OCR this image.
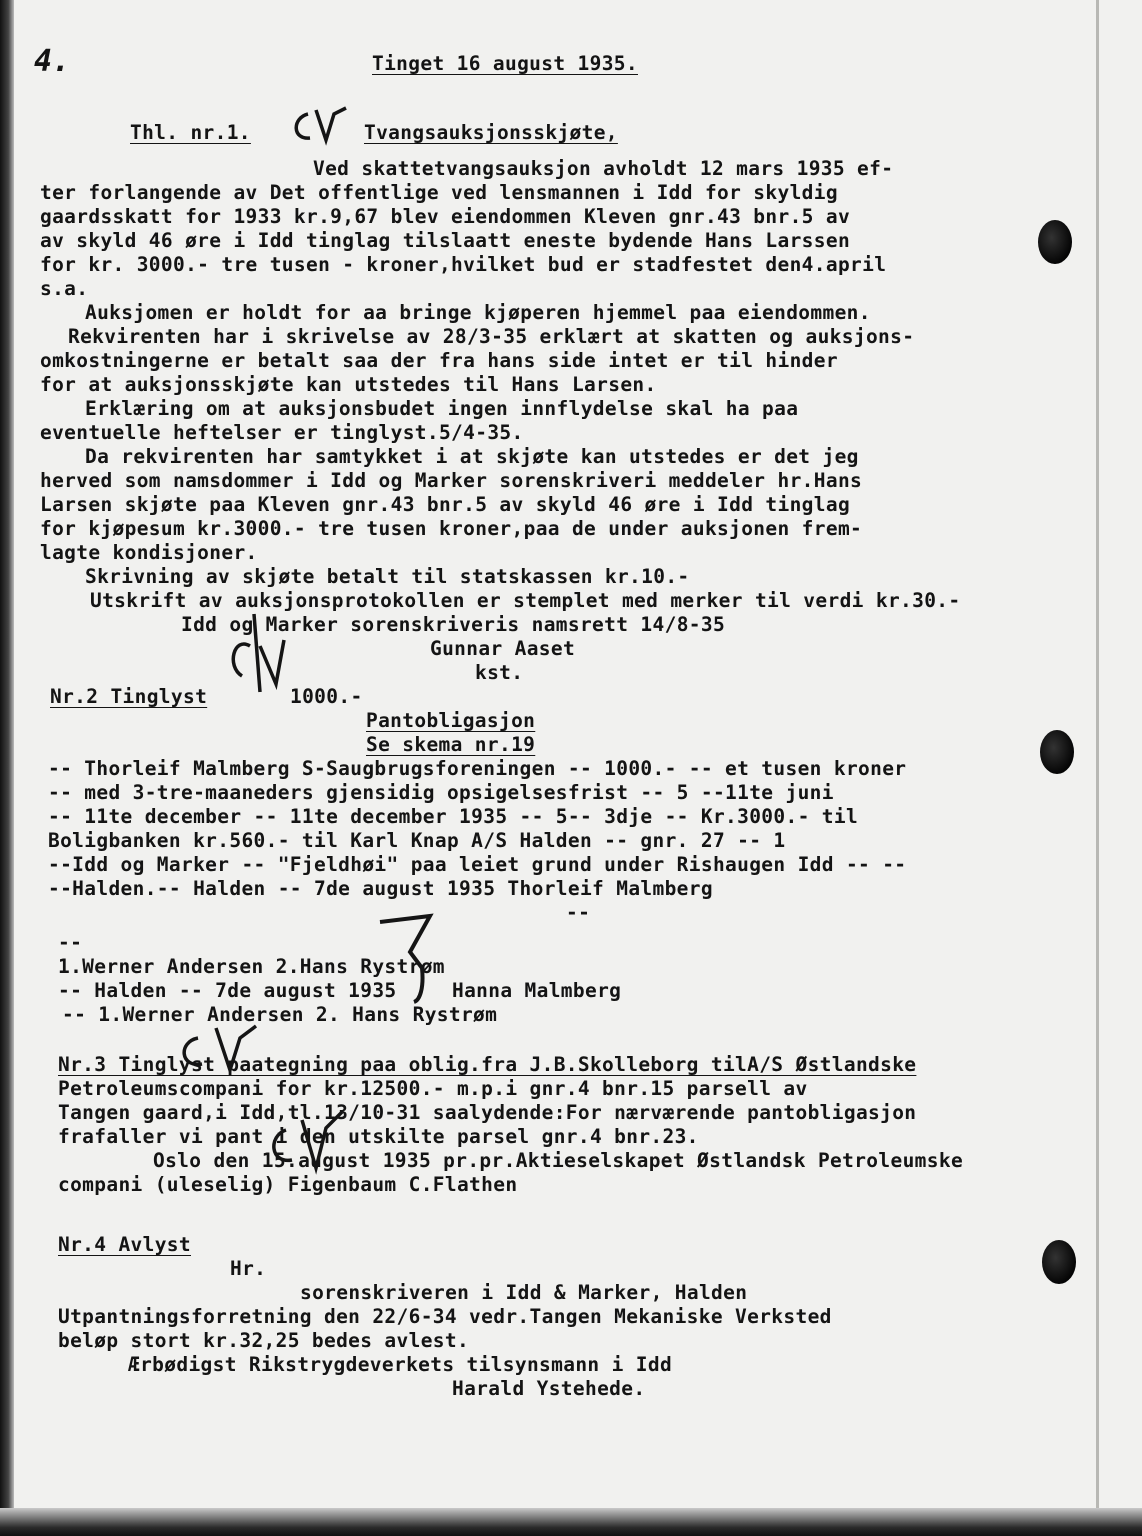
4.	Tinget 16 august 1935.
Thl. nr.1.	Tvangsauksjonsskjøte,
Ved skattetvangsauksjon avholdt 12 mars 1935 ef-
ter forlangende av Det offentlige ved lensmannen i Idd for skyldig
gaardsskatt for 1933 kr.9,67 blev eiendommen Kleven gnr.43 bnr.5 av
av skyld 46 øre i Idd tinglag tilslaatt eneste bydende Hans Larssen
for kr. 3000.- tre tusen - kroner,hvilket bud er stadfestet den4.april
s.a.
Auksjomen er holdt for aa bringe kjøperen hjemmel paa eiendommen.
Rekvirenten har i skrivelse av 28/3-35 erklært at skatten og auksjons-
omkostningerne er betalt saa der fra hans side intet er til hinder
for at auksjonsskjøte kan utstedes til Hans Larsen.
Erklæring om at auksjonsbudet ingen innflydelse skal ha paa
eventuelle heftelser er tinglyst.5/4-35.
Da rekvirenten har samtykket i at skjøte kan utstedes er det jeg
herved som namsdommer i Idd og Marker sorenskriveri meddeler hr.Hans
Larsen skjøte paa Kleven gnr.43 bnr.5 av skyld 46 øre i Idd tinglag
for kjøpesum kr.3000.- tre tusen kroner,paa de under auksjonen frem-
lagte kondisjoner.
Skrivning av skjøte betalt til statskassen kr.10.-
Utskrift av auksjonsprotokollen er stemplet med merker til verdi kr.30.-
Idd og Marker sorenskriveris namsrett 14/8-35
Gunnar Aaset
kst.
Nr.2 Tinglyst	1000.-
Pantobligasjon
Se skema nr.19
-- Thorleif Malmberg S-Saugbrugsforeningen -- 1000.- -- et tusen kroner
-- med 3-tre-maaneders gjensidig opsigelsesfrist -- 5 --11te juni
-- 11te december -- 11te december 1935 -- 5-- 3dje -- Kr.3000.- til
Boligbanken kr.560.- til Karl Knap A/S Halden -- gnr. 27 -- 1
--Idd og Marker -- "Fjeldhøi" paa leiet grund under Rishaugen Idd -- --
--Halden.-- Halden -- 7de august 1935 Thorleif Malmberg
--
--
1.Werner Andersen 2.Hans Rystrøm
-- Halden -- 7de august 1935	Hanna Malmberg
-- 1.Werner Andersen 2. Hans Rystrøm
Nr.3 Tinglyst paategning paa oblig.fra J.B.Skolleborg tilA/S Østlandske
Petroleumscompani for kr.12500.- m.p.i gnr.4 bnr.15 parsell av
Tangen gaard,i Idd,tl.13/10-31 saalydende:For nærværende pantobligasjon
frafaller vi pant i den utskilte parsel gnr.4 bnr.23.
Oslo den 15.august 1935 pr.pr.Aktieselskapet Østlandsk Petroleumske
compani (uleselig) Figenbaum C.Flathen
Nr.4 Avlyst
Hr.
sorenskriveren i Idd & Marker, Halden
Utpantningsforretning den 22/6-34 vedr.Tangen Mekaniske Verksted
beløp stort kr.32,25 bedes avlest.
Ærbødigst Rikstrygdeverkets tilsynsmann i Idd
Harald Ystehede.
